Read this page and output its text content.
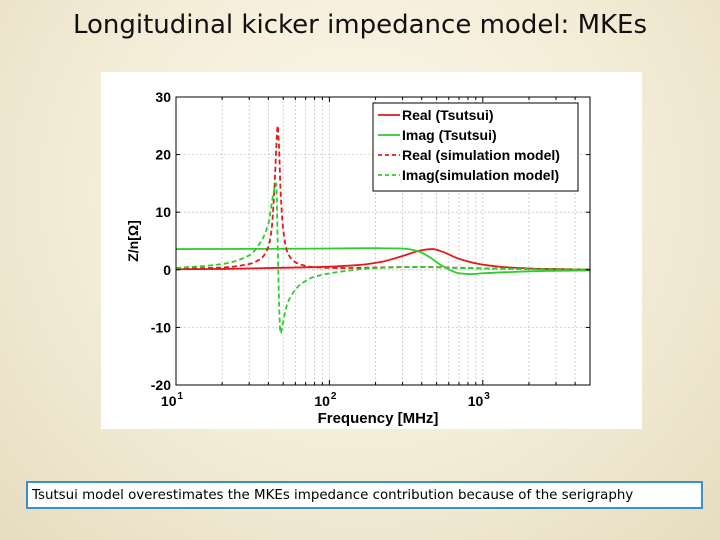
Longitudinal kicker impedance model: MKEs
-20
-10
0
10
20
30
$10^1$	$10^2$	$10^3$
Z/n[Ω]
Frequency [MHz]
Real (Tsutsui)
Imag (Tsutsui)
Real (simulation model)
Imag(simulation model)
Tsutsui model overestimates the MKEs impedance contribution because of the serigraphy
